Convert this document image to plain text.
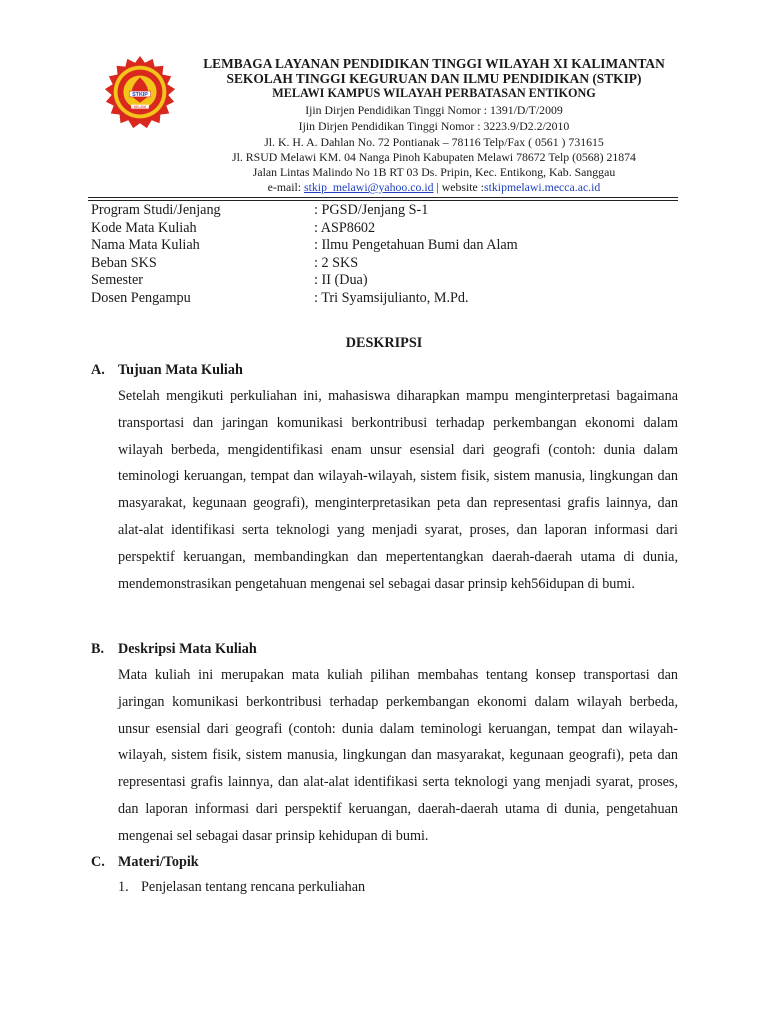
STKIP
MELAWI
LEMBAGA LAYANAN PENDIDIKAN TINGGI WILAYAH XI KALIMANTAN
SEKOLAH TINGGI KEGURUAN DAN ILMU PENDIDIKAN (STKIP)
MELAWI KAMPUS WILAYAH PERBATASAN ENTIKONG
Ijin Dirjen Pendidikan Tinggi Nomor : 1391/D/T/2009
Ijin Dirjen Pendidikan Tinggi Nomor : 3223.9/D2.2/2010
Jl. K. H. A. Dahlan No. 72 Pontianak – 78116 Telp/Fax ( 0561 ) 731615
Jl. RSUD Melawi KM. 04 Nanga Pinoh Kabupaten Melawi 78672 Telp (0568) 21874
Jalan Lintas Malindo No 1B RT 03 Ds. Pripin, Kec. Entikong, Kab. Sanggau
e-mail: stkip_melawi@yahoo.co.id | website :stkipmelawi.mecca.ac.id
Program Studi/Jenjang	: PGSD/Jenjang S-1
Kode Mata Kuliah	: ASP8602
Nama Mata Kuliah	: Ilmu Pengetahuan Bumi dan Alam
Beban SKS	: 2 SKS
Semester	: II (Dua)
Dosen Pengampu	: Tri Syamsijulianto, M.Pd.
DESKRIPSI
A. Tujuan Mata Kuliah
Setelah mengikuti perkuliahan ini, mahasiswa diharapkan mampu menginterpretasi bagaimana transportasi dan jaringan komunikasi berkontribusi terhadap perkembangan ekonomi dalam wilayah berbeda, mengidentifikasi enam unsur esensial dari geografi (contoh: dunia dalam teminologi keruangan, tempat dan wilayah-wilayah, sistem fisik, sistem manusia, lingkungan dan masyarakat, kegunaan geografi), menginterpretasikan peta dan representasi grafis lainnya, dan alat-alat identifikasi serta teknologi yang menjadi syarat, proses, dan laporan informasi dari perspektif keruangan, membandingkan dan mepertentangkan daerah-daerah utama di dunia, mendemonstrasikan pengetahuan mengenai sel sebagai dasar prinsip keh56idupan di bumi.
B. Deskripsi Mata Kuliah
Mata kuliah ini merupakan mata kuliah pilihan membahas tentang konsep transportasi dan jaringan komunikasi berkontribusi terhadap perkembangan ekonomi dalam wilayah berbeda, unsur esensial dari geografi (contoh: dunia dalam teminologi keruangan, tempat dan wilayah-wilayah, sistem fisik, sistem manusia, lingkungan dan masyarakat, kegunaan geografi), peta dan representasi grafis lainnya, dan alat-alat identifikasi serta teknologi yang menjadi syarat, proses, dan laporan informasi dari perspektif keruangan, daerah-daerah utama di dunia, pengetahuan mengenai sel sebagai dasar prinsip kehidupan di bumi.
C. Materi/Topik
1. Penjelasan tentang rencana perkuliahan
